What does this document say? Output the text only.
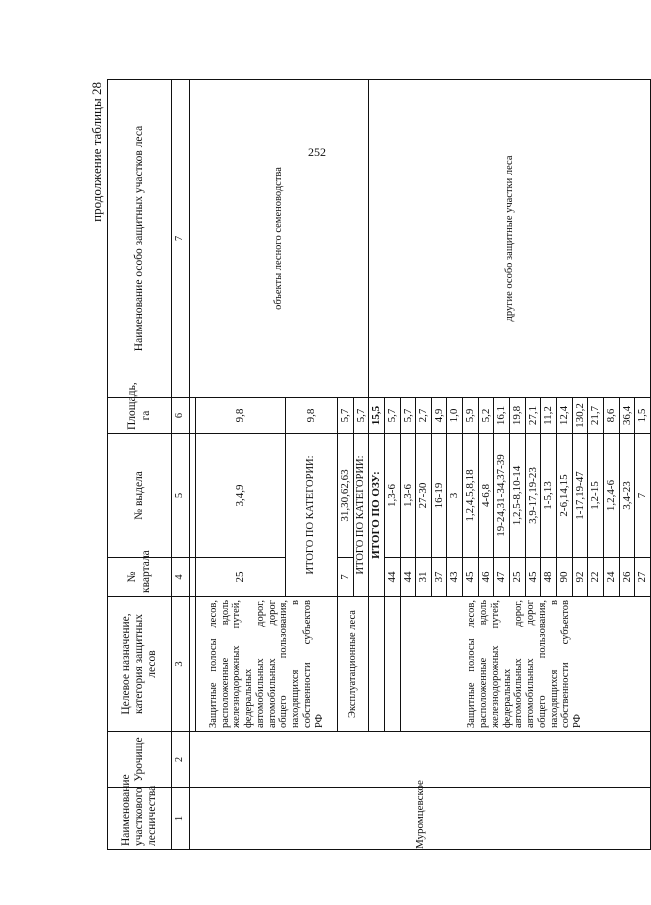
252
продолжение таблицы 28
Наименование участкового лесничества	Урочище	Целевое назначение, категория защитных лесов	№ квартала	№ выдела	Площадь, га	Наименование особо защитных участков леса
1	2	3	4	5	6	7
Муромцевское						объекты лесного семеноводства
		Защитные полосы лесов, расположенные вдоль железнодорожных путей, федеральных автомобильных дорог, автомобильных дорог общего пользования, находящихся в собственности субъектов РФ	25	3,4,9	9,8	
			ИТОГО ПО КАТЕГОРИИ:		9,8	
		Эксплуатационные леса	7	31,30,62,63	5,7	
			ИТОГО ПО КАТЕГОРИИ:		5,7	
			ИТОГО ПО ОЗУ:		15,5	другие особо защитные участки леса
			44	1,3-6	5,7	
		Защитные полосы лесов, расположенные вдоль железнодорожных путей, федеральных автомобильных дорог, автомобильных дорог общего пользования, находящихся в собственности субъектов РФ	44	1,3-6	5,7	
			31	27-30	2,7	
			37	16-19	4,9	
			43	3	1,0	
			45	1,2,4,5,8,18	5,9	
			46	4-6,8	5,2	
			47	19-24,31-34,37-39	16,1	
			25	1,2,5-8,10-14	19,8	
			45	3,9-17,19-23	27,1	
			48	1-5,13	11,2	
			90	2-6,14,15	12,4	
			92	1-17,19-47	130,2	
			22	1,2-15	21,7	
			24	1,2,4-6	8,6	
			26	3,4-23	36,4	
			27	7	1,5	
